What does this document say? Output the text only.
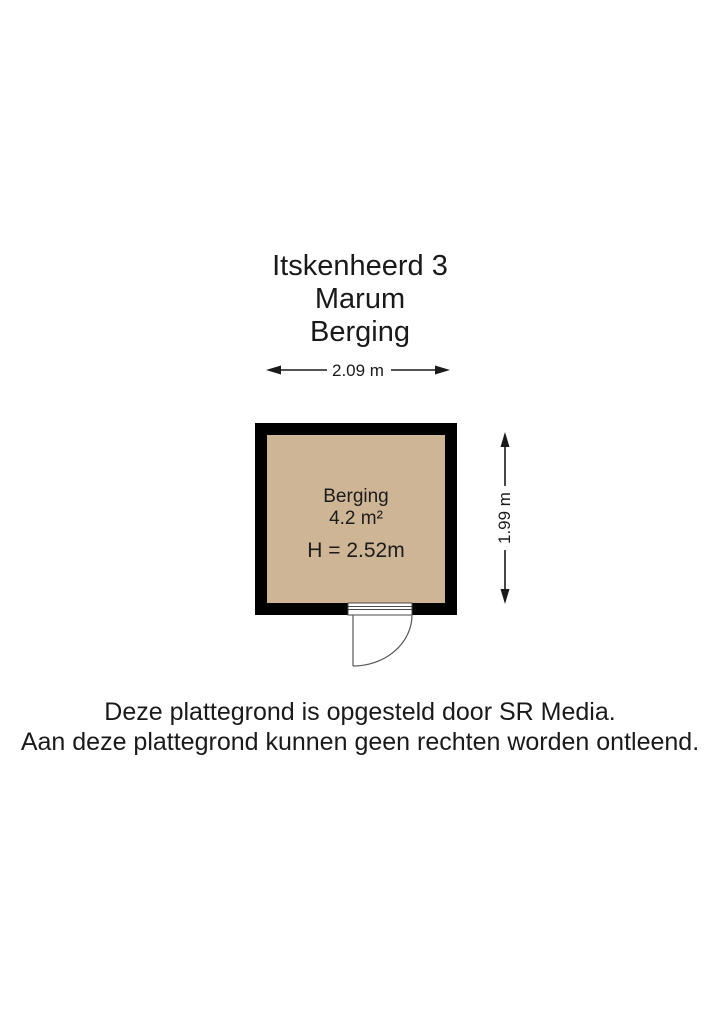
Itskenheerd 3
Marum
Berging
2.09 m
Berging
4.2 m²
H = 2.52m
1.99 m
Deze plattegrond is opgesteld door SR Media.
Aan deze plattegrond kunnen geen rechten worden ontleend.
